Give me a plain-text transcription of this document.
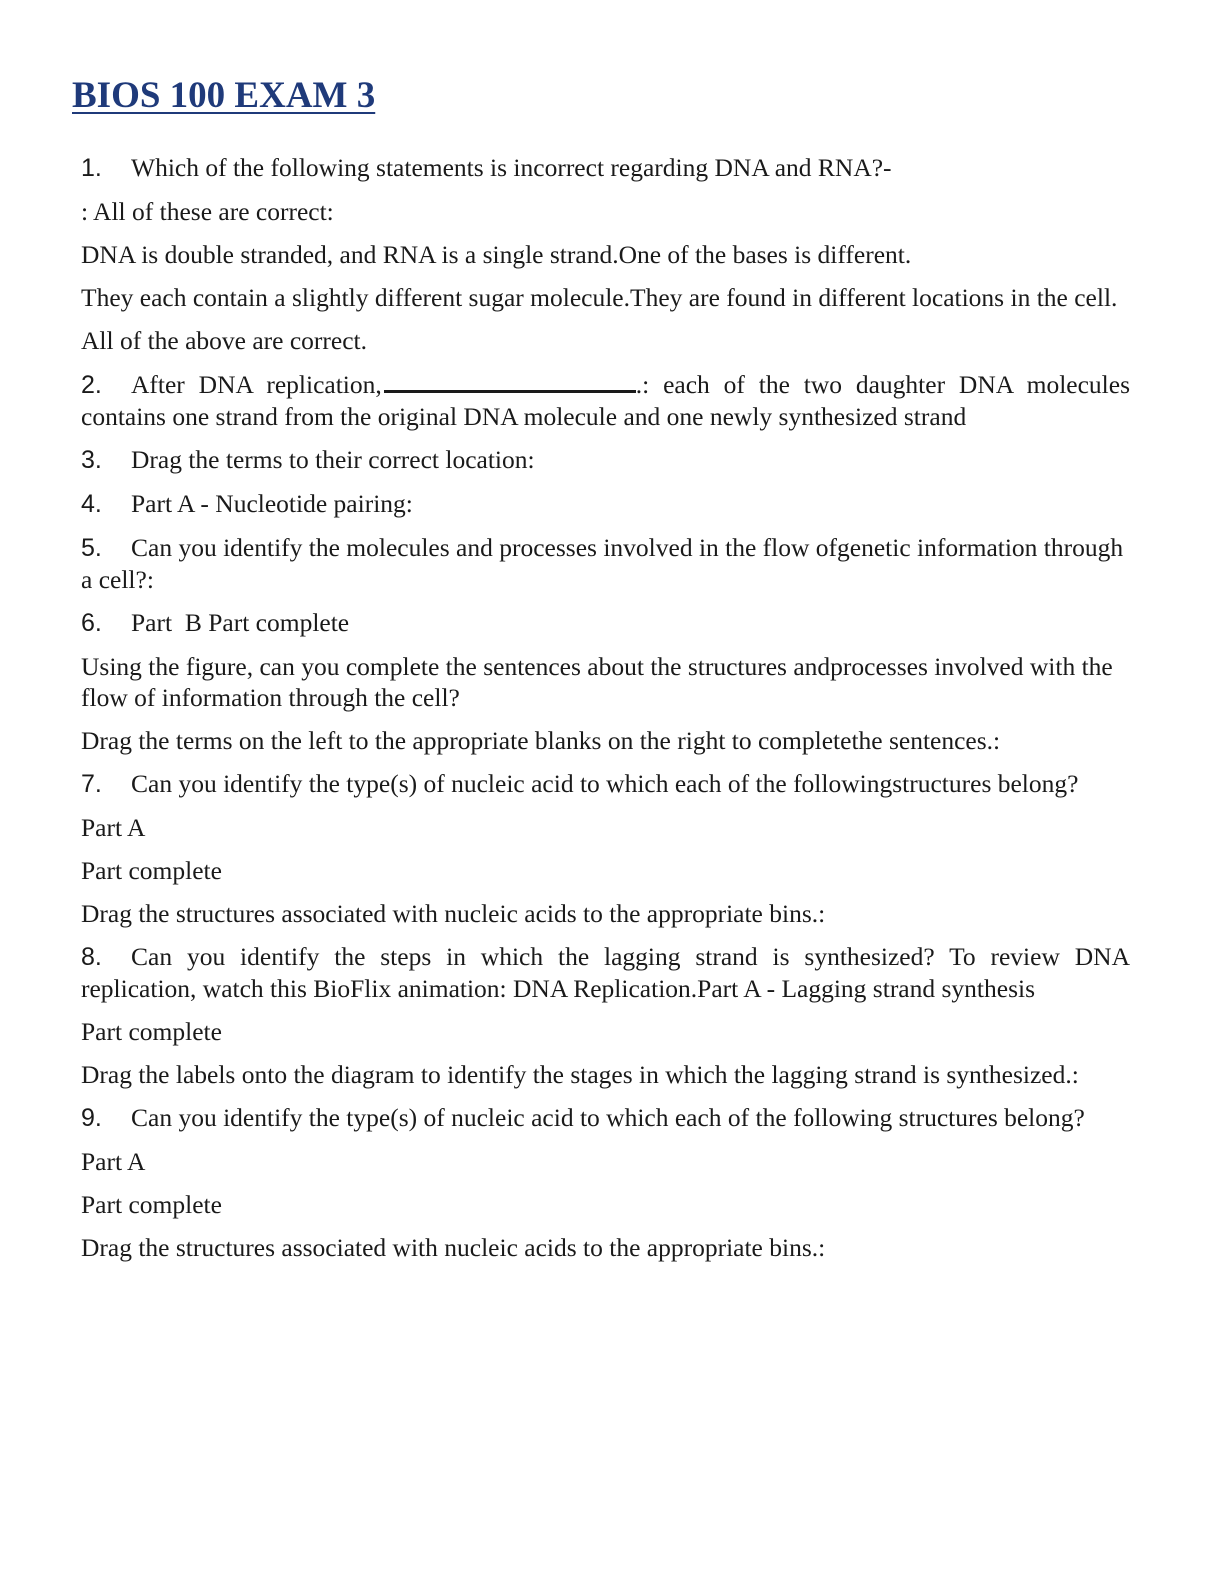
BIOS 100 EXAM 3

1. Which of the following statements is incorrect regarding DNA and RNA?-

: All of these are correct:

DNA is double stranded, and RNA is a single strand.One of the bases is different.

They each contain a slightly different sugar molecule.They are found in different locations in the cell.

All of the above are correct.

2. After DNA replication,	.: each of the two daughter DNA molecules contains one strand from the original DNA molecule and one newly synthesized strand

3. Drag the terms to their correct location:

4. Part A - Nucleotide pairing:

5. Can you identify the molecules and processes involved in the flow ofgenetic information through a cell?:

6. Part  B Part complete

Using the figure, can you complete the sentences about the structures andprocesses involved with the flow of information through the cell?

Drag the terms on the left to the appropriate blanks on the right to completethe sentences.:

7. Can you identify the type(s) of nucleic acid to which each of the followingstructures belong?

Part A

Part complete

Drag the structures associated with nucleic acids to the appropriate bins.:

8. Can you identify the steps in which the lagging strand is synthesized? To review DNA replication, watch this BioFlix animation: DNA Replication.Part A - Lagging strand synthesis

Part complete

Drag the labels onto the diagram to identify the stages in which the lagging strand is synthesized.:

9. Can you identify the type(s) of nucleic acid to which each of the following structures belong?

Part A

Part complete

Drag the structures associated with nucleic acids to the appropriate bins.:
